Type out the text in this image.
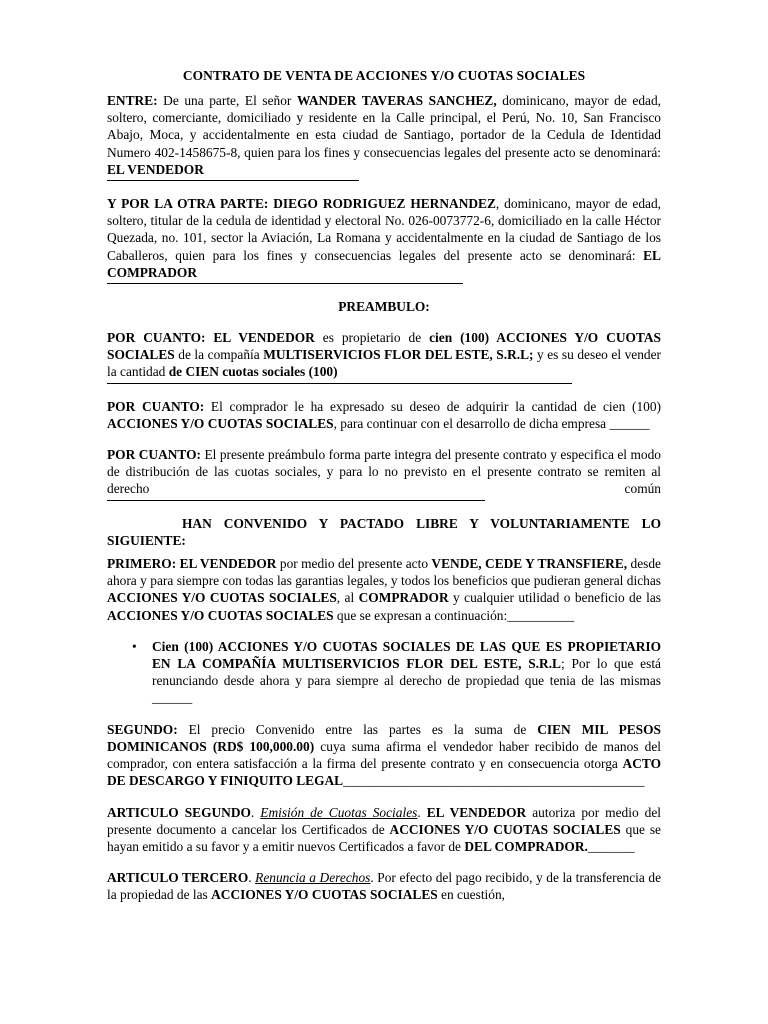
CONTRATO DE VENTA DE ACCIONES Y/O CUOTAS SOCIALES

ENTRE: De una parte, El señor WANDER TAVERAS SANCHEZ, dominicano, mayor de edad, soltero, comerciante, domiciliado y residente en la Calle principal, el Perú, No. 10, San Francisco Abajo, Moca, y accidentalmente en esta ciudad de Santiago, portador de la Cedula de Identidad Numero 402-1458675-8, quien para los fines y consecuencias legales del presente acto se denominará: EL VENDEDOR

Y POR LA OTRA PARTE: DIEGO RODRIGUEZ HERNANDEZ, dominicano, mayor de edad, soltero, titular de la cedula de identidad y electoral No. 026-0073772-6, domiciliado en la calle Héctor Quezada, no. 101, sector la Aviación, La Romana y accidentalmente en la ciudad de Santiago de los Caballeros, quien para los fines y consecuencias legales del presente acto se denominará: EL COMPRADOR

PREAMBULO:

POR CUANTO: EL VENDEDOR es propietario de cien (100) ACCIONES Y/O CUOTAS SOCIALES de la compañía MULTISERVICIOS FLOR DEL ESTE, S.R.L; y es su deseo el vender la cantidad de CIEN cuotas sociales (100)

POR CUANTO: El comprador le ha expresado su deseo de adquirir la cantidad de cien (100) ACCIONES Y/O CUOTAS SOCIALES, para continuar con el desarrollo de dicha empresa ______

POR CUANTO: El presente preámbulo forma parte integra del presente contrato y especifica el modo de distribución de las cuotas sociales, y para lo no previsto en el presente contrato se remiten al derecho común

HAN CONVENIDO Y PACTADO LIBRE Y VOLUNTARIAMENTE LO SIGUIENTE:

PRIMERO: EL VENDEDOR por medio del presente acto VENDE, CEDE Y TRANSFIERE, desde ahora y para siempre con todas las garantias legales, y todos los beneficios que pudieran general dichas ACCIONES Y/O CUOTAS SOCIALES, al COMPRADOR y cualquier utilidad o beneficio de las ACCIONES Y/O CUOTAS SOCIALES que se expresan a continuación:__________

• Cien (100) ACCIONES Y/O CUOTAS SOCIALES DE LAS QUE ES PROPIETARIO EN LA COMPAÑÍA MULTISERVICIOS FLOR DEL ESTE, S.R.L; Por lo que está renunciando desde ahora y para siempre al derecho de propiedad que tenia de las mismas ______

SEGUNDO: El precio Convenido entre las partes es la suma de CIEN MIL PESOS DOMINICANOS (RD$ 100,000.00) cuya suma afirma el vendedor haber recibido de manos del comprador, con entera satisfacción a la firma del presente contrato y en consecuencia otorga ACTO DE DESCARGO Y FINIQUITO LEGAL_____________________________________________

ARTICULO SEGUNDO. Emisión de Cuotas Sociales. EL VENDEDOR autoriza por medio del presente documento a cancelar los Certificados de ACCIONES Y/O CUOTAS SOCIALES que se hayan emitido a su favor y a emitir nuevos Certificados a favor de DEL COMPRADOR._______

ARTICULO TERCERO. Renuncia a Derechos. Por efecto del pago recibido, y de la transferencia de la propiedad de las ACCIONES Y/O CUOTAS SOCIALES en cuestión,
